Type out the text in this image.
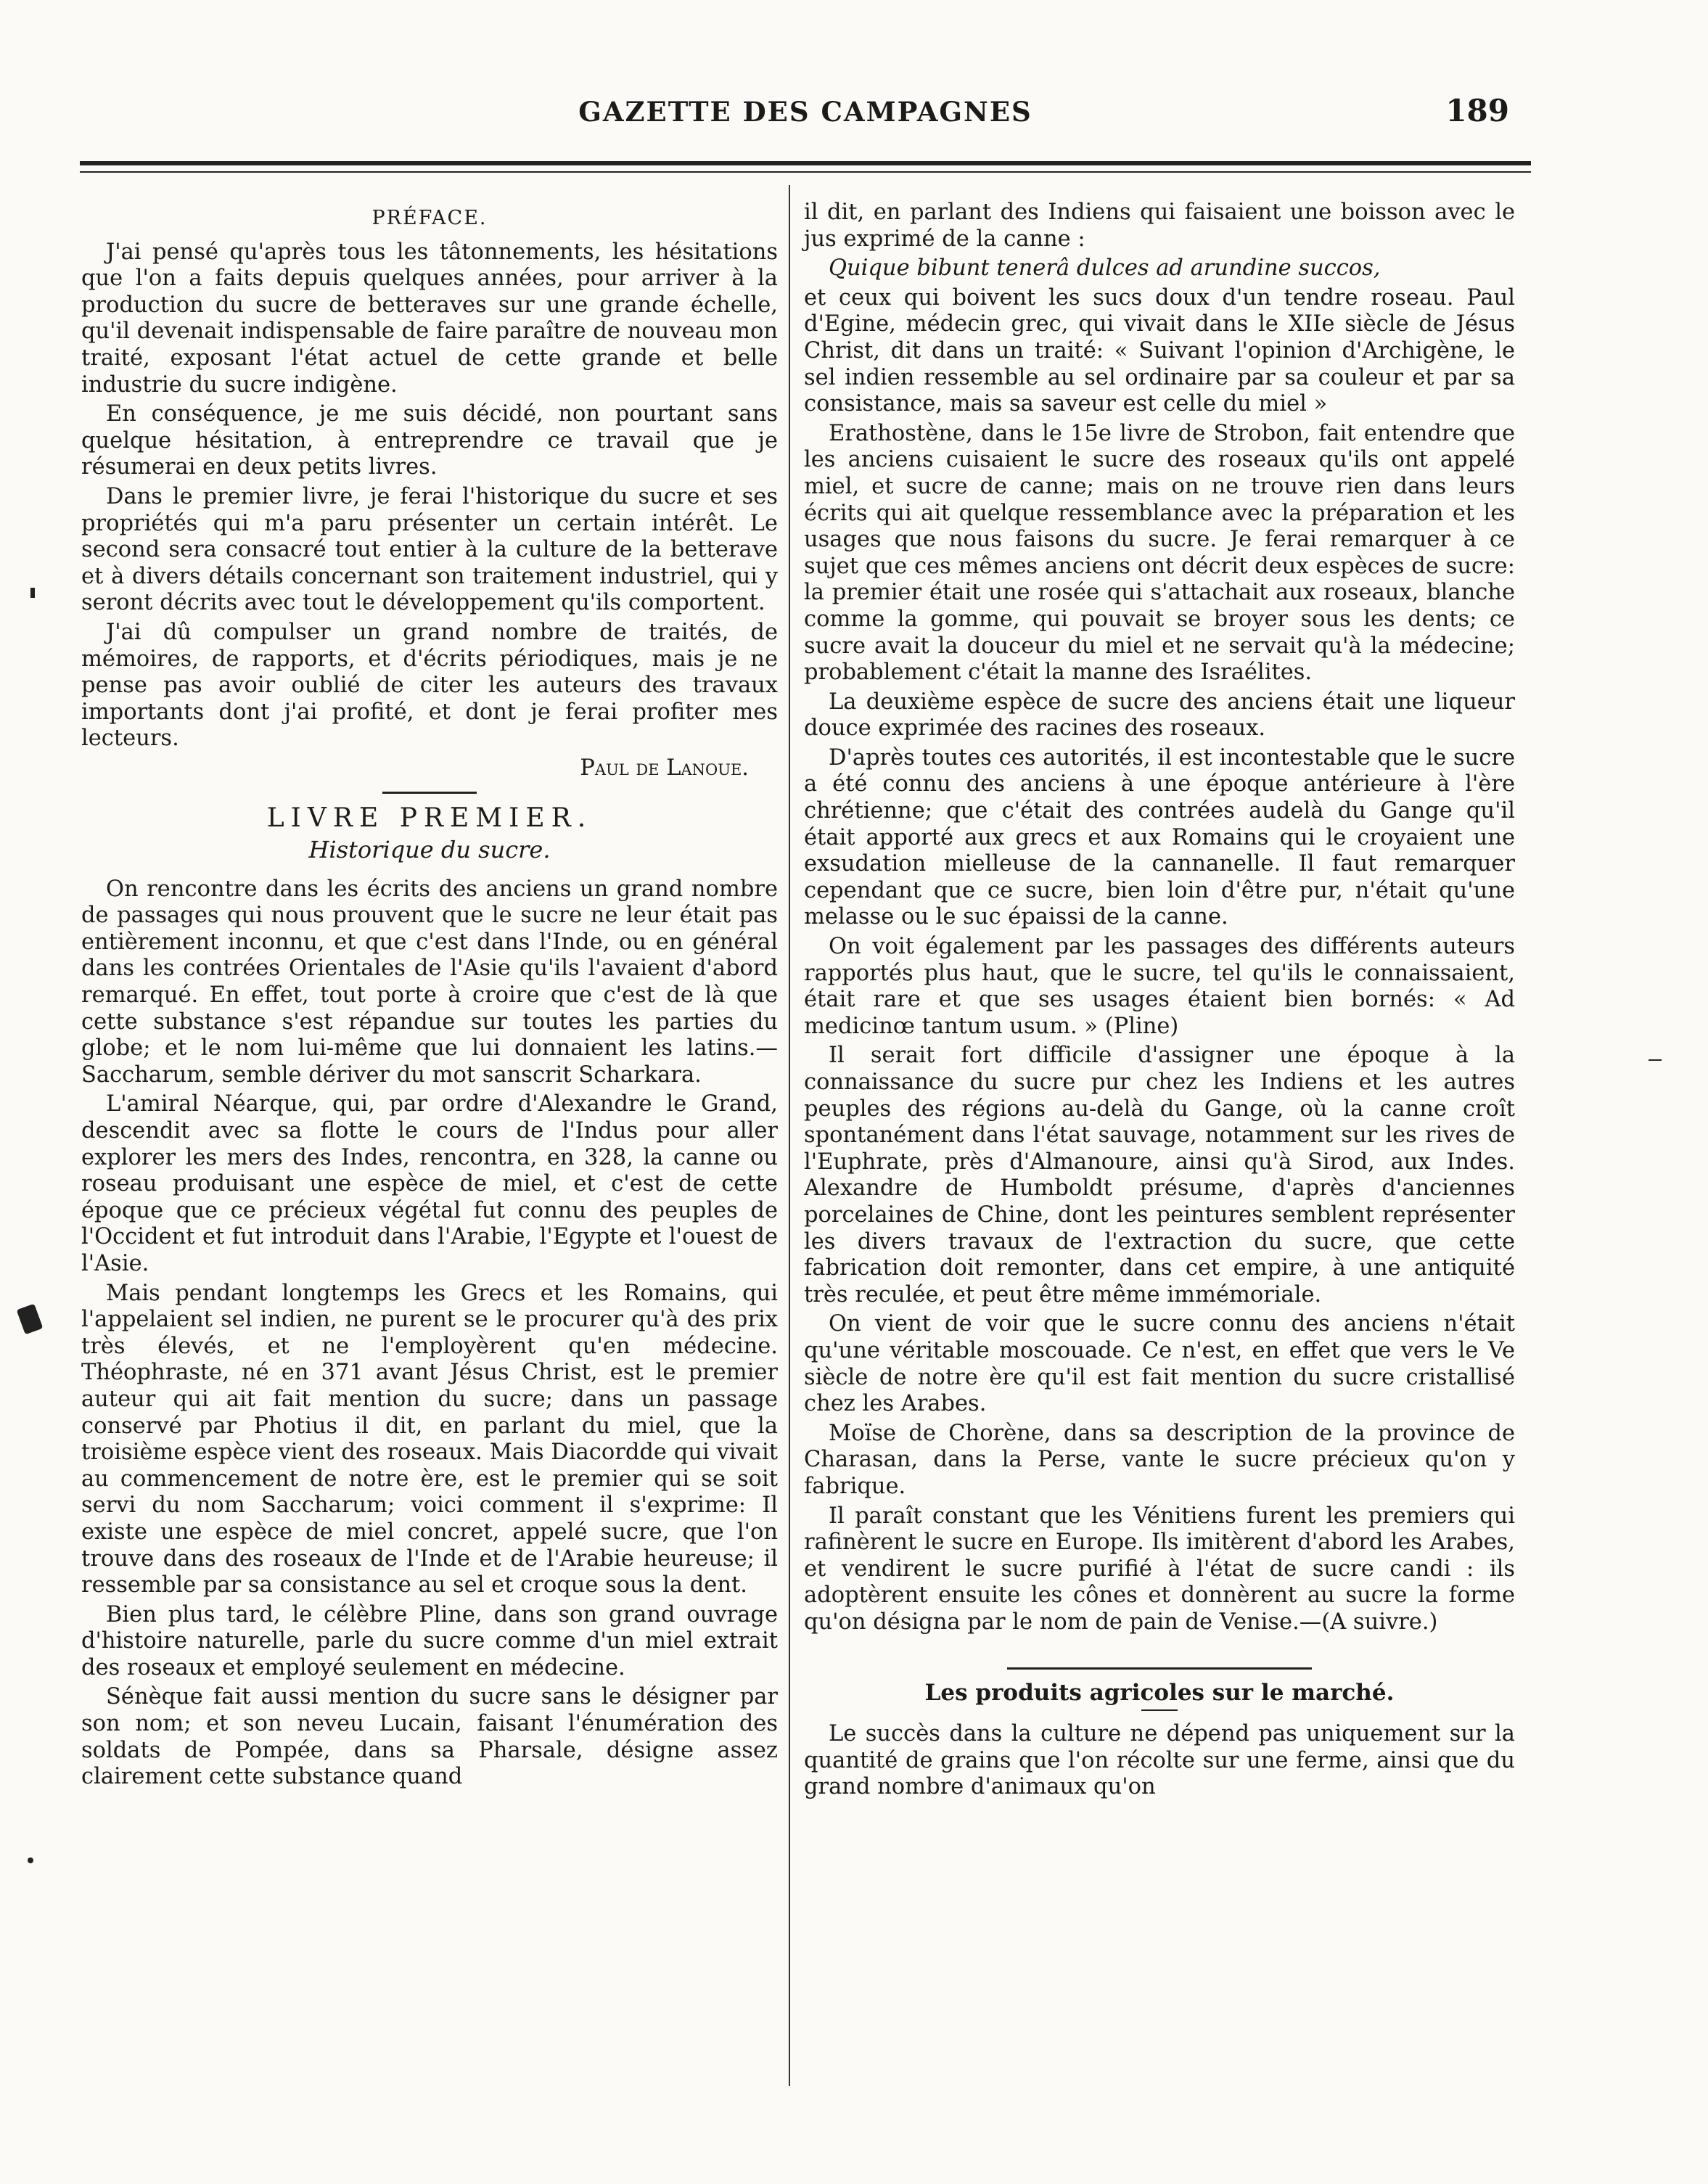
GAZETTE DES CAMPAGNES	189
PRÉFACE.

J'ai pensé qu'après tous les tâtonnements, les hésitations que l'on a faits depuis quelques années, pour arriver à la production du sucre de betteraves sur une grande échelle, qu'il devenait indispensable de faire paraître de nouveau mon traité, exposant l'état actuel de cette grande et belle industrie du sucre indigène.

En conséquence, je me suis décidé, non pourtant sans quelque hésitation, à entreprendre ce travail que je résumerai en deux petits livres.

Dans le premier livre, je ferai l'historique du sucre et ses propriétés qui m'a paru présenter un certain intérêt. Le second sera consacré tout entier à la culture de la betterave et à divers détails concernant son traitement industriel, qui y seront décrits avec tout le développement qu'ils comportent.

J'ai dû compulser un grand nombre de traités, de mémoires, de rapports, et d'écrits périodiques, mais je ne pense pas avoir oublié de citer les auteurs des travaux importants dont j'ai profité, et dont je ferai profiter mes lecteurs.

Paul de Lanoue.
LIVRE PREMIER.
Historique du sucre.

On rencontre dans les écrits des anciens un grand nombre de passages qui nous prouvent que le sucre ne leur était pas entièrement inconnu, et que c'est dans l'Inde, ou en général dans les contrées Orientales de l'Asie qu'ils l'avaient d'abord remarqué. En effet, tout porte à croire que c'est de là que cette substance s'est répandue sur toutes les parties du globe; et le nom lui-même que lui donnaient les latins.—Saccharum, semble dériver du mot sanscrit Scharkara.

L'amiral Néarque, qui, par ordre d'Alexandre le Grand, descendit avec sa flotte le cours de l'Indus pour aller explorer les mers des Indes, rencontra, en 328, la canne ou roseau produisant une espèce de miel, et c'est de cette époque que ce précieux végétal fut connu des peuples de l'Occident et fut introduit dans l'Arabie, l'Egypte et l'ouest de l'Asie.

Mais pendant longtemps les Grecs et les Romains, qui l'appelaient sel indien, ne purent se le procurer qu'à des prix très élevés, et ne l'employèrent qu'en médecine. Théophraste, né en 371 avant Jésus Christ, est le premier auteur qui ait fait mention du sucre; dans un passage conservé par Photius il dit, en parlant du miel, que la troisième espèce vient des roseaux. Mais Diacordde qui vivait au commencement de notre ère, est le premier qui se soit servi du nom Saccharum; voici comment il s'exprime: Il existe une espèce de miel concret, appelé sucre, que l'on trouve dans des roseaux de l'Inde et de l'Arabie heureuse; il ressemble par sa consistance au sel et croque sous la dent.

Bien plus tard, le célèbre Pline, dans son grand ouvrage d'histoire naturelle, parle du sucre comme d'un miel extrait des roseaux et employé seulement en médecine.

Sénèque fait aussi mention du sucre sans le désigner par son nom; et son neveu Lucain, faisant l'énumération des soldats de Pompée, dans sa Pharsale, désigne assez clairement cette substance quand

il dit, en parlant des Indiens qui faisaient une boisson avec le jus exprimé de la canne :

Quique bibunt tenerâ dulces ad arundine succos,

et ceux qui boivent les sucs doux d'un tendre roseau. Paul d'Egine, médecin grec, qui vivait dans le XIIe siècle de Jésus Christ, dit dans un traité: « Suivant l'opinion d'Archigène, le sel indien ressemble au sel ordinaire par sa couleur et par sa consistance, mais sa saveur est celle du miel »

Erathostène, dans le 15e livre de Strobon, fait entendre que les anciens cuisaient le sucre des roseaux qu'ils ont appelé miel, et sucre de canne; mais on ne trouve rien dans leurs écrits qui ait quelque ressemblance avec la préparation et les usages que nous faisons du sucre. Je ferai remarquer à ce sujet que ces mêmes anciens ont décrit deux espèces de sucre: la premier était une rosée qui s'attachait aux roseaux, blanche comme la gomme, qui pouvait se broyer sous les dents; ce sucre avait la douceur du miel et ne servait qu'à la médecine; probablement c'était la manne des Israélites.

La deuxième espèce de sucre des anciens était une liqueur douce exprimée des racines des roseaux.

D'après toutes ces autorités, il est incontestable que le sucre a été connu des anciens à une époque antérieure à l'ère chrétienne; que c'était des contrées audelà du Gange qu'il était apporté aux grecs et aux Romains qui le croyaient une exsudation mielleuse de la cannanelle. Il faut remarquer cependant que ce sucre, bien loin d'être pur, n'était qu'une melasse ou le suc épaissi de la canne.

On voit également par les passages des différents auteurs rapportés plus haut, que le sucre, tel qu'ils le connaissaient, était rare et que ses usages étaient bien bornés: « Ad medicinœ tantum usum. » (Pline)

Il serait fort difficile d'assigner une époque à la connaissance du sucre pur chez les Indiens et les autres peuples des régions au-delà du Gange, où la canne croît spontanément dans l'état sauvage, notamment sur les rives de l'Euphrate, près d'Almanoure, ainsi qu'à Sirod, aux Indes. Alexandre de Humboldt présume, d'après d'anciennes porcelaines de Chine, dont les peintures semblent représenter les divers travaux de l'extraction du sucre, que cette fabrication doit remonter, dans cet empire, à une antiquité très reculée, et peut être même immémoriale.

On vient de voir que le sucre connu des anciens n'était qu'une véritable moscouade. Ce n'est, en effet que vers le Ve siècle de notre ère qu'il est fait mention du sucre cristallisé chez les Arabes.

Moïse de Chorène, dans sa description de la province de Charasan, dans la Perse, vante le sucre précieux qu'on y fabrique.

Il paraît constant que les Vénitiens furent les premiers qui rafinèrent le sucre en Europe. Ils imitèrent d'abord les Arabes, et vendirent le sucre purifié à l'état de sucre candi : ils adoptèrent ensuite les cônes et donnèrent au sucre la forme qu'on désigna par le nom de pain de Venise.—(A suivre.)

Les produits agricoles sur le marché.

Le succès dans la culture ne dépend pas uniquement sur la quantité de grains que l'on récolte sur une ferme, ainsi que du grand nombre d'animaux qu'on
